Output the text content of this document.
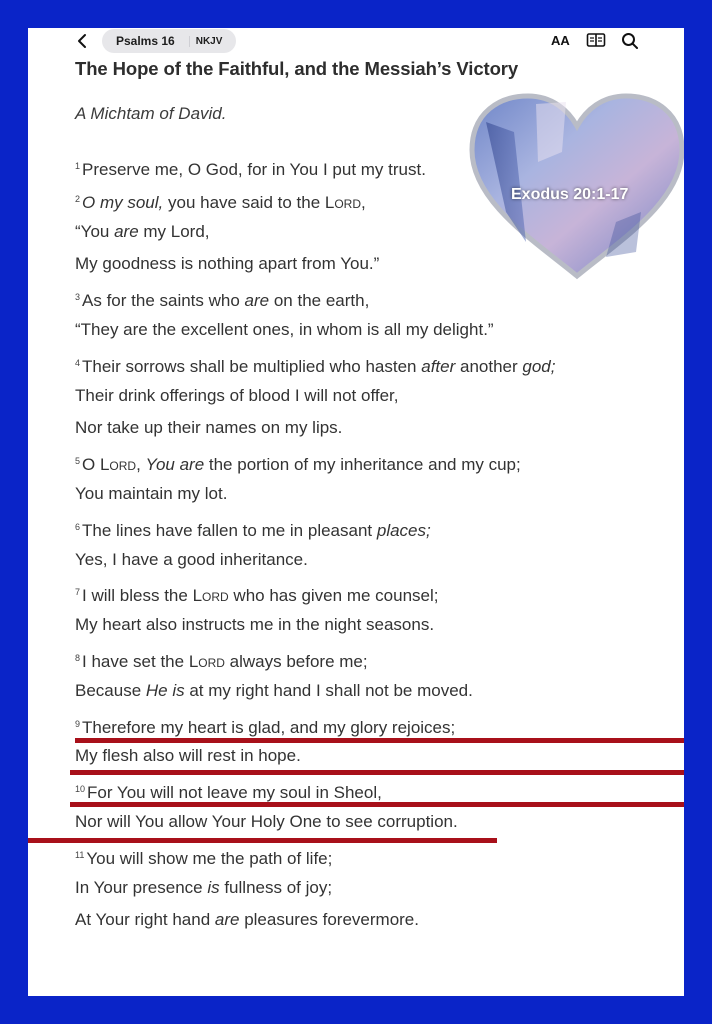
Psalms 16	NKJV	AA
The Hope of the Faithful, and the Messiah’s Victory
A Michtam of David.
Exodus 20:1-17
$^1$ Preserve me, O God, for in You I put my trust.
$^2$ O my soul, you have said to the Lord,
“You are my Lord,
My goodness is nothing apart from You.”
$^3$ As for the saints who are on the earth,
“They are the excellent ones, in whom is all my delight.”
$^4$ Their sorrows shall be multiplied who hasten after another god;
Their drink offerings of blood I will not offer,
Nor take up their names on my lips.
$^5$ O Lord, You are the portion of my inheritance and my cup;
You maintain my lot.
$^6$ The lines have fallen to me in pleasant places;
Yes, I have a good inheritance.
$^7$ I will bless the Lord who has given me counsel;
My heart also instructs me in the night seasons.
$^8$ I have set the Lord always before me;
Because He is at my right hand I shall not be moved.
$^9$ Therefore my heart is glad, and my glory rejoices;
My flesh also will rest in hope.
$^{10}$ For You will not leave my soul in Sheol,
Nor will You allow Your Holy One to see corruption.
$^{11}$ You will show me the path of life;
In Your presence is fullness of joy;
At Your right hand are pleasures forevermore.
